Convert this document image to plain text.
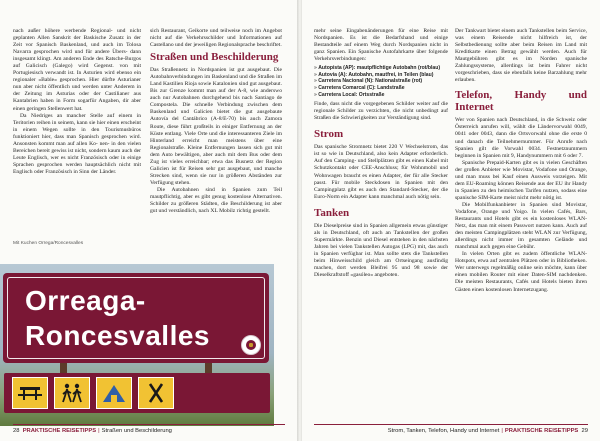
nach außer höhere werbende Regional- und nicht geplanten Allen Sanskrit der Baskische Zusatz in der Zeit vor Spanisch Baskenland, und auch im Tolosa Navarra gesprochen wird und für andere Übers- dann insgesamt klingt. Am anderen Ende des Ratsche-Burgos auf Galicisch (Galego) wird Gegenst. von mit Portugiesisch verwandt ist. In Asturien wird ebenso ein regionaler »Bable« gesprochen. Hier dürfte Asturianer nun aber nicht öffentlich und werden unter Anderem in der Zeitung im Asturias oder der Castilianer aus Kantabrien haben in Form sogarfür Angaben, dir aber einen geringen Stellenwert hat.

Da Niedriges an mancher Stelle auf einem in Teritorien reihen in seinem, kann sie hier einen erscheint in einem Wegen sollte in den Tourismusbüros funktioniert hier, dass man Spanisch gesprochen wird. Ansonsten kommt man auf allen Ko- nen- in den vielen Bereichen bereit gewiss ist nicht, sondern kaum auch der Leute Englisch, wer es nicht Französisch oder in einige Sprachen gesprochen werden hauptsächlich nicht mit Englisch oder Französisch in Sinn der Länder.

sich Restaurant, Geikorte und teilweise noch im Angebot nicht auf die Verkehrsschilder und Informationen auf Castellano und der jeweiligen Regionalsprache beschriftet.

Straßen und Beschilderung

Das Straßennetz in Nordspanien ist gut ausgebaut. Die Autobahnverbindungen im Baskenland und die Straßen im Land Kastilien Rioja sowie Katalonien sind gut ausgebaut. Bis zur Grenze kommt man auf der A-8, wie anderswo auch nur Autobahnen durchgehend bis nach Santiago de Compostela. Die schnelle Verbindung zwischen dem Baskenland und Galicien bietet die gut ausgebaute Autovía del Cantábrico (A-8/E-70) bis auch Zamora Route, diese führt großteils in einiger Entfernung an der Küste entlang. Viele Orte und die interessanteren Ziele im Hinterland erreicht man meistens über eine Regionalstraße. Kleine Entfernungen lassen sich gut mit dem Auto bewältigen, aber auch mit dem Bus oder dem Zug ist vieles erreichbar; etwa das Busnetz der Region Galicien ist für Reisen sehr gut ausgebaut, und manche Strecken sind, wenn sie nur in größeren Abständen zur Verfügung stehen.

Die Autobahnen sind in Spanien zum Teil mautpflichtig, aber es gibt genug kostenlose Alternativen. Schilder zu größeren Städten, die Beschilderung ist aber gut und verständlich, nach XL Mobilz richtig gestellt.

Mit Kuchen Orrega/Roncesvalles
Orreaga-
Roncesvalles
28 PRAKTISCHE REISETIPPS | Straßen und Beschilderung

mehr seine Eingabenänderungen für eine Reise mit Nordspanien. Es ist die Bedarfshand und einige Bestandteile auf einem Weg durch Nordspanien nicht in ganz Spanien. Ein Spanische Autofahrkarte über folgende Verkehrsverbindungen:

» Autopista (AP): mautpflichtige Autobahn (rot/blau)

» Autovía (A): Autobahn, mautfrei, in Teilen (blau)

» Carretera Nacional (N): Nationalstraße (rot)

» Carretera Comarcal (C): Landstraße

» Carretera Local: Ortsstraße

Finde, dass nicht die vorgegebenen Schilder weiter auf die regionale Schilder zu verzichten, die nicht unbedingt auf Straßen die Schwierigkeiten zur Verständigung sind.

Strom

Das spanische Stromnetz bietet 220 V Wechselstrom, das ist so wie in Deutschland, also kein Adapter erforderlich. Auf den Camping- und Stellplätzen gibt es einen Kabel mit Schutzkontakt oder CEE-Anschluss; für Wohnmobil und Wohnwagen braucht es einen Adapter, der für alle Stecker passt. Für mobile Steckdosen in Spanien mit den Campingplatz gibt es auch den Standard-Stecker, der die Euro-Norm ein Adapter kann manchmal auch nötig sein.

Tanken

Die Dieselpreise sind in Spanien allgemein etwas günstiger als in Deutschland, oft auch an Tankstellen der großen Supermärkte. Benzin und Diesel entstehen in den nächsten Jahren bei vielen Tankstellen Autogas (LPG) mit, das auch in Spanien verfügbar ist. Man sollte stets die Tankstellen beim Hinweisschild gleich am Ortseingang ausfindig machen, dort werden Bleifrei 95 und 98 sowie der Dieselkraftstoff »gasóleo« angeboten.

Der Tankwart bietet einem auch Tankstellen beim Service, was einem Reisende nicht hilfreich ist, der Selbstbedienung sollte aber beim Reisen im Land mit Kreditkarte einen Betrag gewählt werden. Auch für Mautgebühren gibt es im Norden spanische Zahlungssysteme, allerdings ist beim Fahrer nicht vorgeschrieben, dass sie ebenfalls keine Barzahlung mehr erlauben.

Telefon, Handy und Internet

Wer von Spanien nach Deutschland, in die Schweiz oder Österreich anrufen will, wählt die Ländervorwahl 0049, 0041 oder 0043, dann die Ortsvorwahl ohne die erste 0 und danach die Teilnehmernummer. Für Anrufe nach Spanien gilt die Vorwahl 0034. Festnetznummern beginnen in Spanien mit 9, Handynummern mit 6 oder 7.

Spanische Prepaid-Karten gibt es in vielen Geschäften der großen Anbieter wie Movistar, Vodafone und Orange, und man muss bei Kauf einen Ausweis vorzeigen. Mit dem EU-Roaming können Reisende aus der EU ihr Handy in Spanien zu den heimischen Tarifen nutzen, sodass eine spanische SIM-Karte meist nicht mehr nötig ist.

Die Mobilfunkanbieter in Spanien sind Movistar, Vodafone, Orange und Yoigo. In vielen Cafés, Bars, Restaurants und Hotels gibt es ein kostenloses WLAN-Netz, das man mit einem Passwort nutzen kann. Auch auf den meisten Campingplätzen steht WLAN zur Verfügung, allerdings nicht immer im gesamten Gelände und manchmal auch gegen eine Gebühr.

In vielen Orten gibt es zudem öffentliche WLAN-Hotspots, etwa auf zentralen Plätzen oder in Bibliotheken. Wer unterwegs regelmäßig online sein möchte, kann über einen mobilen Router mit einer Daten-SIM nachdenken. Die meisten Restaurants, Cafés und Hotels bieten ihren Gästen einen kostenlosen Internetzugang.

Strom, Tanken, Telefon, Handy und Internet | PRAKTISCHE REISETIPPS 29
